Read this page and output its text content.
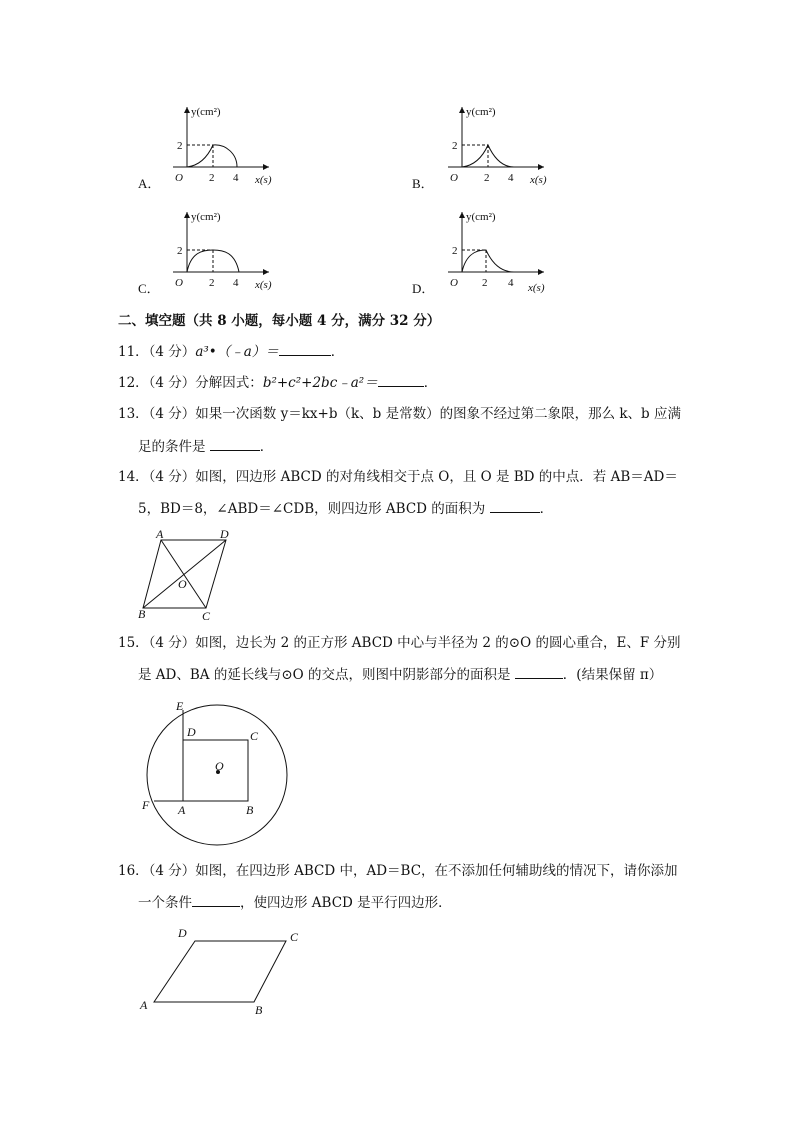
y(cm²)
2
O 2 4 x(s)
A．
y(cm²)
2
O 2 4 x(s)
B．
y(cm²)
2
O 2 4 x(s)
C．
y(cm²)
2
O 2 4 x(s)
D．
二、填空题（共 8 小题，每小题 4 分，满分 32 分）
11．（4 分）a³•（﹣a）＝	．
12．（4 分）分解因式：b²+c²+2bc﹣a²＝	．
13．（4 分）如果一次函数 y＝kx+b（k、b 是常数）的图象不经过第二象限，那么 k、b 应满
足的条件是	．
14．（4 分）如图，四边形 ABCD 的对角线相交于点 O，且 O 是 BD 的中点．若 AB＝AD＝
5，BD＝8，∠ABD＝∠CDB，则四边形 ABCD 的面积为	．
A	D
O
B	C
15．（4 分）如图，边长为 2 的正方形 ABCD 中心与半径为 2 的⊙O 的圆心重合，E、F 分别
是 AD、BA 的延长线与⊙O 的交点，则图中阴影部分的面积是	．(结果保留 π）
E
D	C
O
F A	B
16．（4 分）如图，在四边形 ABCD 中，AD＝BC，在不添加任何辅助线的情况下，请你添加
一个条件	，使四边形 ABCD 是平行四边形．
D	C
A	B
